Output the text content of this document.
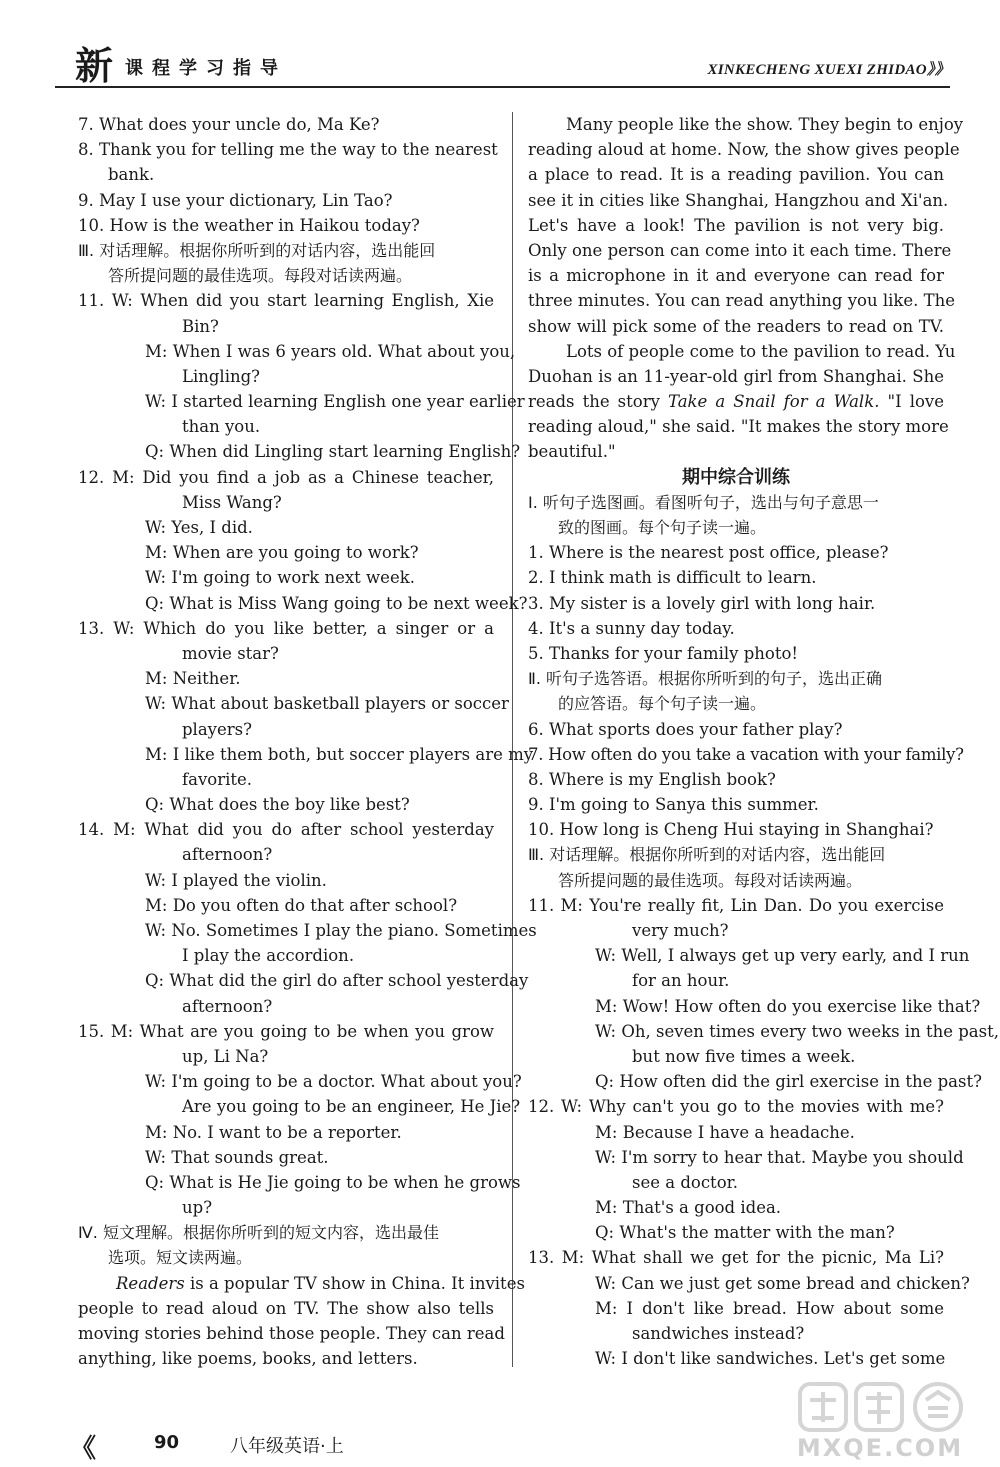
新 课程学习指导	XINKECHENG XUEXI ZHIDAO》》
7. What does your uncle do, Ma Ke?
8. Thank you for telling me the way to the nearest
bank.
9. May I use your dictionary, Lin Tao?
10. How is the weather in Haikou today?
Ⅲ. 对话理解。根据你所听到的对话内容，选出能回
答所提问题的最佳选项。每段对话读两遍。
11. W: When did you start learning English, Xie
Bin?
M: When I was 6 years old. What about you,
Lingling?
W: I started learning English one year earlier
than you.
Q: When did Lingling start learning English?
12. M: Did you find a job as a Chinese teacher,
Miss Wang?
W: Yes, I did.
M: When are you going to work?
W: I'm going to work next week.
Q: What is Miss Wang going to be next week?
13. W: Which do you like better, a singer or a
movie star?
M: Neither.
W: What about basketball players or soccer
players?
M: I like them both, but soccer players are my
favorite.
Q: What does the boy like best?
14. M: What did you do after school yesterday
afternoon?
W: I played the violin.
M: Do you often do that after school?
W: No. Sometimes I play the piano. Sometimes
I play the accordion.
Q: What did the girl do after school yesterday
afternoon?
15. M: What are you going to be when you grow
up, Li Na?
W: I'm going to be a doctor. What about you?
Are you going to be an engineer, He Jie?
M: No. I want to be a reporter.
W: That sounds great.
Q: What is He Jie going to be when he grows
up?
Ⅳ. 短文理解。根据你所听到的短文内容，选出最佳
选项。短文读两遍。
Readers is a popular TV show in China. It invites
people to read aloud on TV. The show also tells
moving stories behind those people. They can read
anything, like poems, books, and letters.
Many people like the show. They begin to enjoy
reading aloud at home. Now, the show gives people
a place to read. It is a reading pavilion. You can
see it in cities like Shanghai, Hangzhou and Xi'an.
Let's have a look! The pavilion is not very big.
Only one person can come into it each time. There
is a microphone in it and everyone can read for
three minutes. You can read anything you like. The
show will pick some of the readers to read on TV.
Lots of people come to the pavilion to read. Yu
Duohan is an 11-year-old girl from Shanghai. She
reads the story Take a Snail for a Walk. "I love
reading aloud," she said. "It makes the story more
beautiful."
期中综合训练
Ⅰ. 听句子选图画。看图听句子，选出与句子意思一
致的图画。每个句子读一遍。
1. Where is the nearest post office, please?
2. I think math is difficult to learn.
3. My sister is a lovely girl with long hair.
4. It's a sunny day today.
5. Thanks for your family photo!
Ⅱ. 听句子选答语。根据你所听到的句子，选出正确
的应答语。每个句子读一遍。
6. What sports does your father play?
7. How often do you take a vacation with your family?
8. Where is my English book?
9. I'm going to Sanya this summer.
10. How long is Cheng Hui staying in Shanghai?
Ⅲ. 对话理解。根据你所听到的对话内容，选出能回
答所提问题的最佳选项。每段对话读两遍。
11. M: You're really fit, Lin Dan. Do you exercise
very much?
W: Well, I always get up very early, and I run
for an hour.
M: Wow! How often do you exercise like that?
W: Oh, seven times every two weeks in the past,
but now five times a week.
Q: How often did the girl exercise in the past?
12. W: Why can't you go to the movies with me?
M: Because I have a headache.
W: I'm sorry to hear that. Maybe you should
see a doctor.
M: That's a good idea.
Q: What's the matter with the man?
13. M: What shall we get for the picnic, Ma Li?
W: Can we just get some bread and chicken?
M: I don't like bread. How about some
sandwiches instead?
W: I don't like sandwiches. Let's get some
《	90	八年级英语·上	MXQE.COM
